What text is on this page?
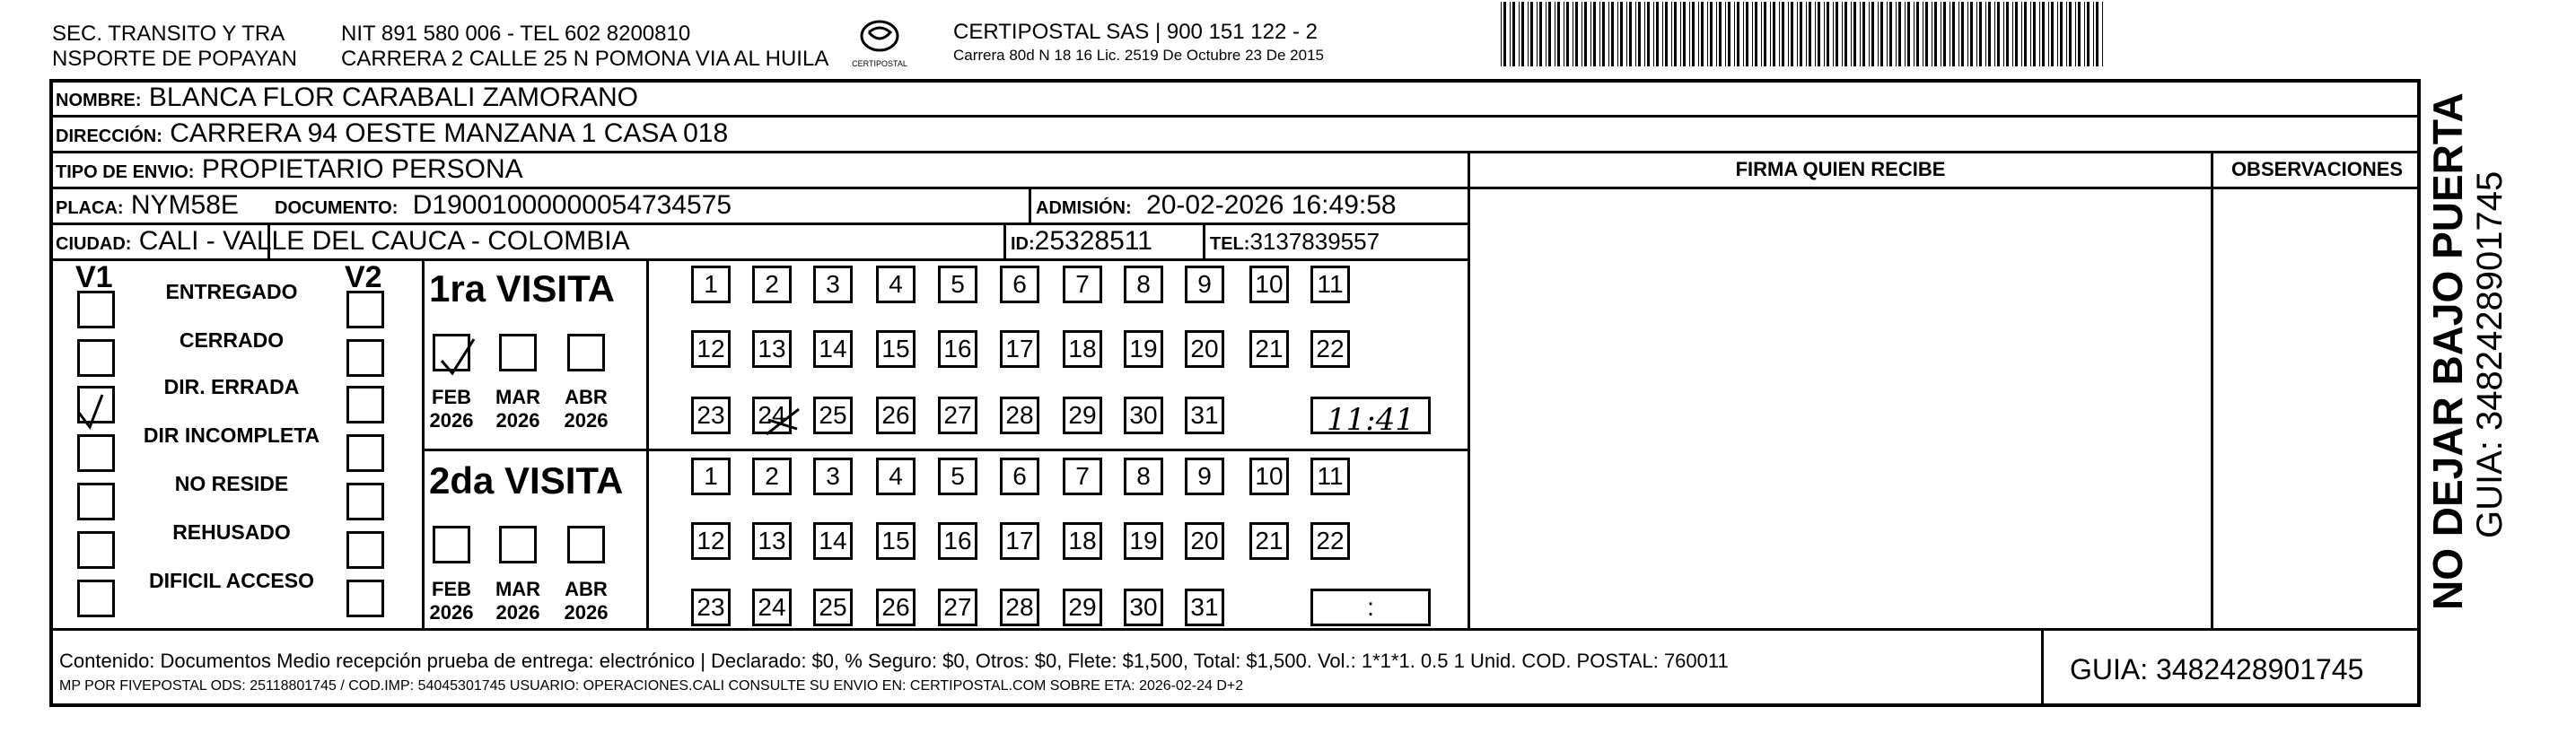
SEC. TRANSITO Y TRA
NSPORTE DE POPAYAN
NIT 891 580 006 - TEL 602 8200810
CARRERA 2 CALLE 25 N POMONA VIA AL HUILA	CERTIPOSTAL
CERTIPOSTAL SAS | 900 151 122 - 2
Carrera 80d N 18 16 Lic. 2519 De Octubre 23 De 2015
NOMBRE: BLANCA FLOR CARABALI ZAMORANO
DIRECCIÓN: CARRERA 94 OESTE MANZANA 1 CASA 018
TIPO DE ENVIO: PROPIETARIO PERSONA
PLACA: NYM58E DOCUMENTO: D19001000000054734575	ADMISIÓN: 20-02-2026 16:49:58
CIUDAD: CALI - VALLE DEL CAUCA - COLOMBIA	ID:25328511	TEL:3137839557
FIRMA QUIEN RECIBE	OBSERVACIONES
V1	V2
ENTREGADO
CERRADO
DIR. ERRADA
DIR INCOMPLETA
NO RESIDE
REHUSADO
DIFICIL ACCESO
1ra VISITA
2da VISITA
FEB
2026
MAR
2026
ABR
2026
1	2	3	4	5	6	7	8	9	10 11
12 13 14 15 16 17 18 19 20 21 22
23 24 25 26 27 28 29 30 31
FEB
2026
MAR
2026
ABR
2026
1	2	3	4	5	6	7	8	9	10 11
12 13 14 15 16 17 18 19 20 21 22
23 24 25 26 27 28 29 30 31	:
11:41
Contenido: Documentos Medio recepción prueba de entrega: electrónico | Declarado: $0, % Seguro: $0, Otros: $0, Flete: $1,500, Total: $1,500. Vol.: 1*1*1. 0.5 1 Unid. COD. POSTAL: 760011
MP POR FIVEPOSTAL ODS: 25118801745 / COD.IMP: 54045301745 USUARIO: OPERACIONES.CALI CONSULTE SU ENVIO EN: CERTIPOSTAL.COM SOBRE ETA: 2026-02-24 D+2
GUIA: 3482428901745
NO DEJAR BAJO PUERTA GUIA: 3482428901745
